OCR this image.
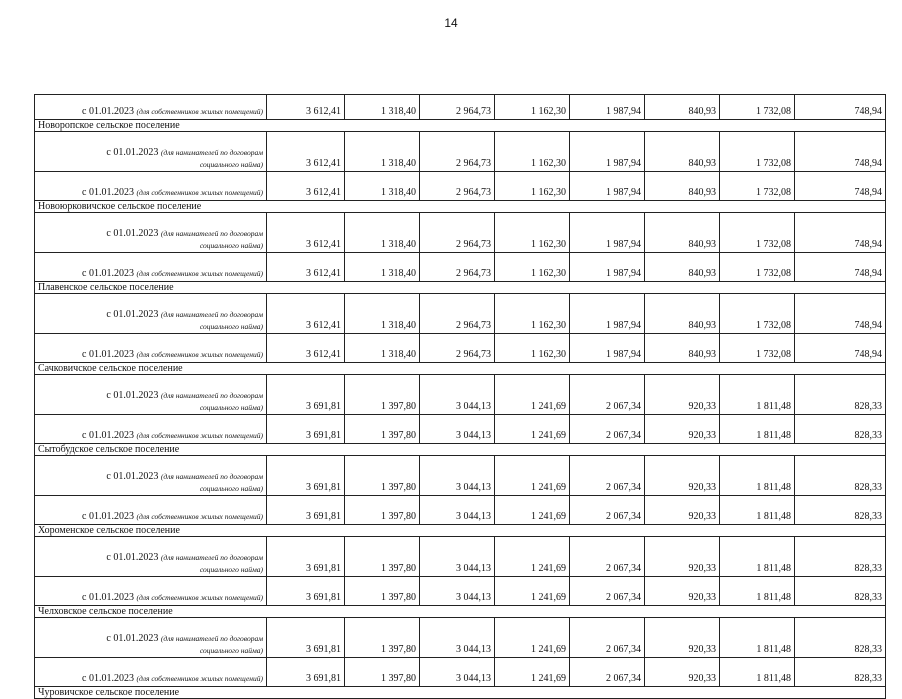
14
с 01.01.2023 (для собственников жилых помещений)	3 612,41	1 318,40	2 964,73	1 162,30	1 987,94	840,93	1 732,08	748,94
Новоропское сельское поселение								

с 01.01.2023 (для нанимателей по договорам
социального найма)	3 612,41	1 318,40	2 964,73	1 162,30	1 987,94	840,93	1 732,08	748,94
с 01.01.2023 (для собственников жилых помещений)	3 612,41	1 318,40	2 964,73	1 162,30	1 987,94	840,93	1 732,08	748,94
Новоюрковичское сельское поселение								

с 01.01.2023 (для нанимателей по договорам
социального найма)	3 612,41	1 318,40	2 964,73	1 162,30	1 987,94	840,93	1 732,08	748,94
с 01.01.2023 (для собственников жилых помещений)	3 612,41	1 318,40	2 964,73	1 162,30	1 987,94	840,93	1 732,08	748,94
Плавенское сельское поселение								

с 01.01.2023 (для нанимателей по договорам
социального найма)	3 612,41	1 318,40	2 964,73	1 162,30	1 987,94	840,93	1 732,08	748,94
с 01.01.2023 (для собственников жилых помещений)	3 612,41	1 318,40	2 964,73	1 162,30	1 987,94	840,93	1 732,08	748,94
Сачковичское сельское поселение								

с 01.01.2023 (для нанимателей по договорам
социального найма)	3 691,81	1 397,80	3 044,13	1 241,69	2 067,34	920,33	1 811,48	828,33
с 01.01.2023 (для собственников жилых помещений)	3 691,81	1 397,80	3 044,13	1 241,69	2 067,34	920,33	1 811,48	828,33
Сытобудское сельское поселение								

с 01.01.2023 (для нанимателей по договорам
социального найма)	3 691,81	1 397,80	3 044,13	1 241,69	2 067,34	920,33	1 811,48	828,33
с 01.01.2023 (для собственников жилых помещений)	3 691,81	1 397,80	3 044,13	1 241,69	2 067,34	920,33	1 811,48	828,33
Хороменское сельское поселение								

с 01.01.2023 (для нанимателей по договорам
социального найма)	3 691,81	1 397,80	3 044,13	1 241,69	2 067,34	920,33	1 811,48	828,33
с 01.01.2023 (для собственников жилых помещений)	3 691,81	1 397,80	3 044,13	1 241,69	2 067,34	920,33	1 811,48	828,33
Челховское сельское поселение								

с 01.01.2023 (для нанимателей по договорам
социального найма)	3 691,81	1 397,80	3 044,13	1 241,69	2 067,34	920,33	1 811,48	828,33
с 01.01.2023 (для собственников жилых помещений)	3 691,81	1 397,80	3 044,13	1 241,69	2 067,34	920,33	1 811,48	828,33
Чуровичское сельское поселение								
